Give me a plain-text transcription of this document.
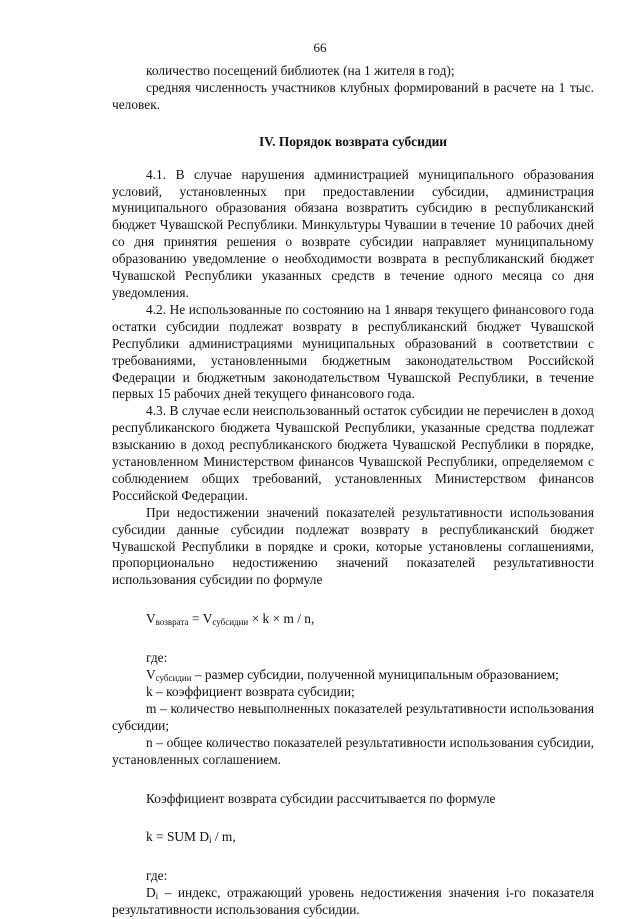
66

количество посещений библиотек (на 1 жителя в год);

средняя численность участников клубных формирований в расчете на 1 тыс. человек.

IV. Порядок возврата субсидии

4.1. В случае нарушения администрацией муниципального образования условий, установленных при предоставлении субсидии, администрация муниципального образования обязана возвратить субсидию в республиканский бюджет Чувашской Республики. Минкультуры Чувашии в течение 10 рабочих дней со дня принятия решения о возврате субсидии направляет муниципальному образованию уведомление о необходимости возврата в республиканский бюджет Чувашской Республики указанных средств в течение одного месяца со дня уведомления.

4.2. Не использованные по состоянию на 1 января текущего финансового года остатки субсидии подлежат возврату в республиканский бюджет Чувашской Республики администрациями муниципальных образований в соответствии с требованиями, установленными бюджетным законодательством Российской Федерации и бюджетным законодательством Чувашской Республики, в течение первых 15 рабочих дней текущего финансового года.

4.3. В случае если неиспользованный остаток субсидии не перечислен в доход республиканского бюджета Чувашской Республики, указанные средства подлежат взысканию в доход республиканского бюджета Чувашской Республики в порядке, установленном Министерством финансов Чувашской Республики, определяемом с соблюдением общих требований, установленных Министерством финансов Российской Федерации.

При недостижении значений показателей результативности использования субсидии данные субсидии подлежат возврату в республиканский бюджет Чувашской Республики в порядке и сроки, которые установлены соглашениями, пропорционально недостижению значений показателей результативности использования субсидии по формуле

$V_{возврата} = V_{субсидии} \times k \times m / n$,

где:

$V_{субсидии}$ – размер субсидии, полученной муниципальным образованием;

k – коэффициент возврата субсидии;

m – количество невыполненных показателей результативности использования субсидии;

n – общее количество показателей результативности использования субсидии, установленных соглашением.

Коэффициент возврата субсидии рассчитывается по формуле

k = SUM $D_i$ / m,

где:

$D_i$ – индекс, отражающий уровень недостижения значения i-го показателя результативности использования субсидии.
